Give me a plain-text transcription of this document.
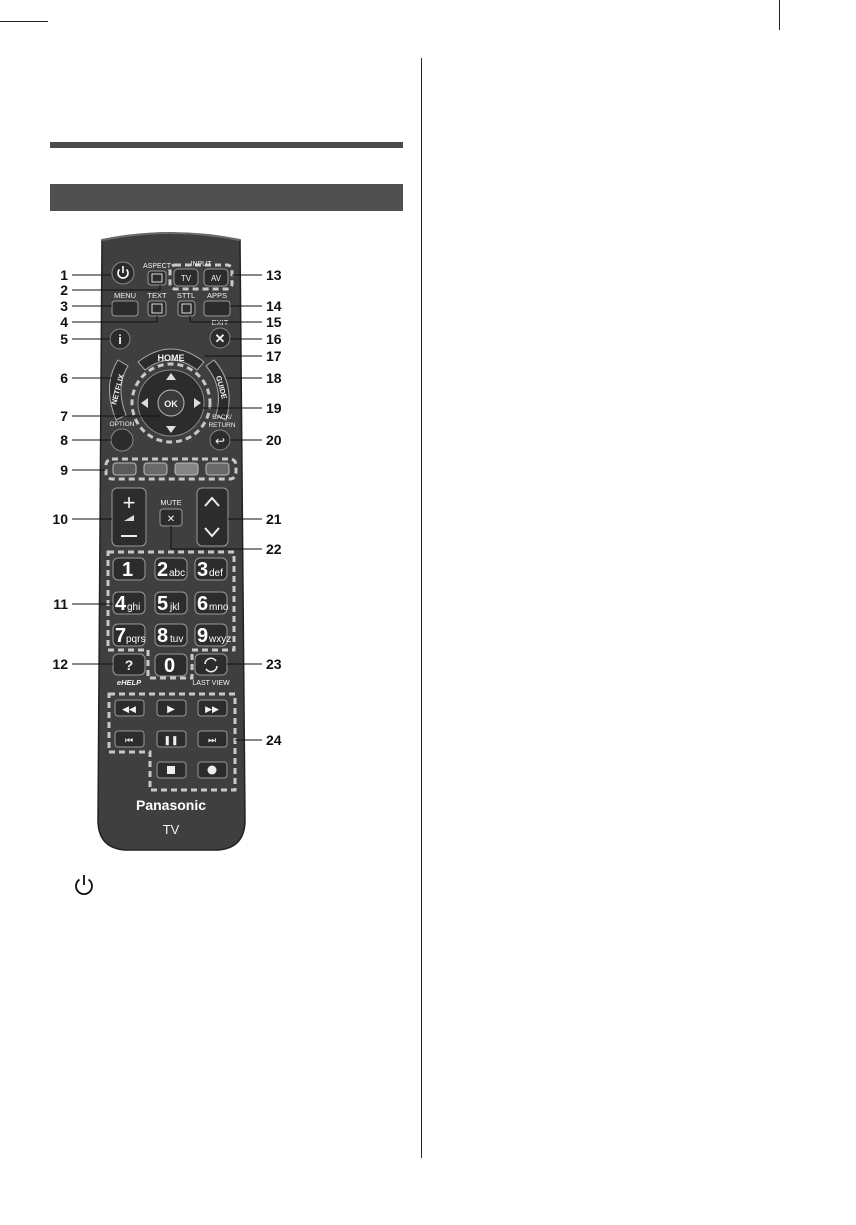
ASPECT	INPUT
TV AV
MENU TEXT STTL APPS
i
EXIT
✕
HOME
NETFLIX	GUIDE
OK
OPTION
BACK/
RETURN
↩
+	MUTE
✕
1 2 abc 3 def
4 ghi 5 jkl 6 mno
7 pqrs 8 tuv 9 wxyz
?
eHELP
0
LAST VIEW
◀◀	▶	▶▶
⏮	❚❚	⏭
Panasonic
TV
1
2
3
4
5
6
7
8
9
10
11
12
13
14
15
16
17
18
19
20
21
22
23
24
